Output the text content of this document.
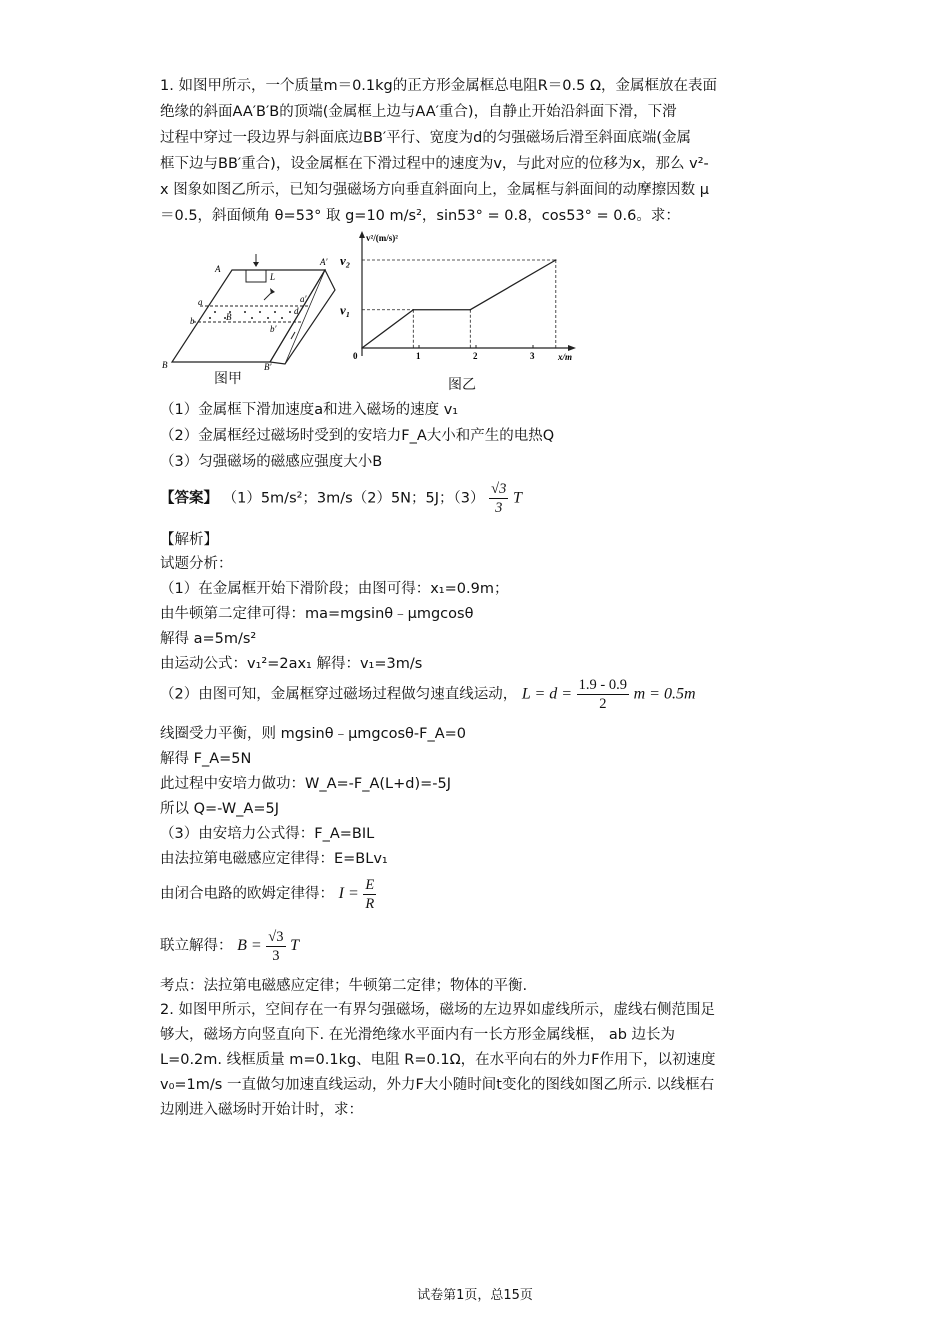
1. 如图甲所示，一个质量m＝0.1kg的正方形金属框总电阻R＝0.5 Ω，金属框放在表面
绝缘的斜面AA′B′B的顶端(金属框上边与AA′重合)，自静止开始沿斜面下滑，下滑
过程中穿过一段边界与斜面底边BB′平行、宽度为d的匀强磁场后滑至斜面底端(金属
框下边与BB′重合)，设金属框在下滑过程中的速度为v，与此对应的位移为x，那么 v²-
x 图象如图乙所示，已知匀强磁场方向垂直斜面向上，金属框与斜面间的动摩擦因数 μ
＝0.5，斜面倾角 θ=53° 取 g=10 m/s²，sin53° = 0.8，cos53° = 0.6。求：
A
A′
a	a′
b
b′
B	B′
L
d
B
图甲
v²/(m/s)²
x/m
0	1	2	3
v₁
v₂
图乙
（1）金属框下滑加速度a和进入磁场的速度 v₁
（2）金属框经过磁场时受到的安培力F_A大小和产生的电热Q
（3）匀强磁场的磁感应强度大小B
【答案】 （1）5m/s²；3m/s（2）5N；5J；$(3) \frac{√3}{3}$ T
【解析】
试题分析：
（1）在金属框开始下滑阶段；由图可得：x₁=0.9m；
由牛顿第二定律可得：ma=mgsinθ﹣μmgcosθ
解得 a=5m/s²
由运动公式：v₁²=2ax₁ 解得：v₁=3m/s
（2）由图可知，金属框穿过磁场过程做匀速直线运动， $L = d = \frac{1.9 - 0.9}{2}$ m = 0.5m
线圈受力平衡，则 mgsinθ﹣μmgcosθ-F_A=0
解得 F_A=5N
此过程中安培力做功：W_A=-F_A(L+d)=-5J
所以 Q=-W_A=5J
（3）由安培力公式得：F_A=BIL
由法拉第电磁感应定律得：E=BLv₁
由闭合电路的欧姆定律得： $I = \frac{E}{R}$
联立解得： $B = \frac{√3}{3}$ T
考点：法拉第电磁感应定律；牛顿第二定律；物体的平衡.
2. 如图甲所示，空间存在一有界匀强磁场，磁场的左边界如虚线所示，虚线右侧范围足
够大，磁场方向竖直向下. 在光滑绝缘水平面内有一长方形金属线框， ab 边长为
L=0.2m. 线框质量 m=0.1kg、电阻 R=0.1Ω，在水平向右的外力F作用下，以初速度
v₀=1m/s 一直做匀加速直线运动，外力F大小随时间t变化的图线如图乙所示. 以线框右
边刚进入磁场时开始计时，求：
试卷第1页，总15页
